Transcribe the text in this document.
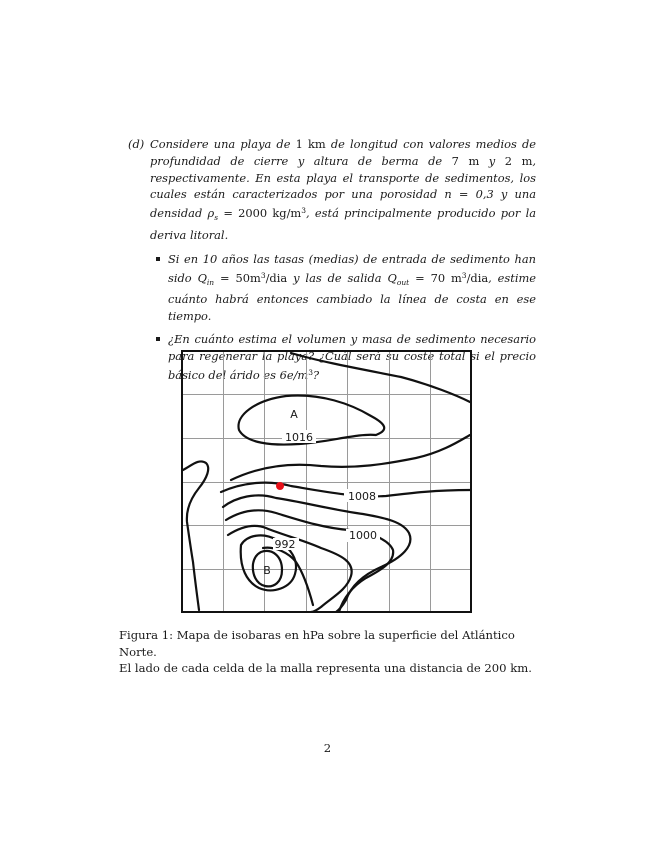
(d) Considere una playa de 1 km de longitud con valores medios de profundidad de cierre y altura de berma de 7 m y 2 m, respectivamente. En esta playa el transporte de sedimentos, los cuales están caracterizados por una porosidad n = 0,3 y una densidad $\rho_s = 2000$ $kg/m^3$, está principalmente producido por la deriva litoral.
Si en 10 años las tasas (medias) de entrada de sedimento han sido $Q_{in} = 50m^3/dia$ y las de salida $Q_{out} = 70$ $m^3$/dia, estime cuánto habrá entonces cambiado la línea de costa en ese tiempo.
¿En cuánto estima el volumen y masa de sedimento necesario para regenerar la playa? ¿Cuál será su coste total si el precio básico del árido es $6e/m^3$?
1016
1008
1000
992
A
B
Figura 1: Mapa de isobaras en hPa sobre la superficie del Atlántico Norte.
El lado de cada celda de la malla representa una distancia de 200 km.
2
